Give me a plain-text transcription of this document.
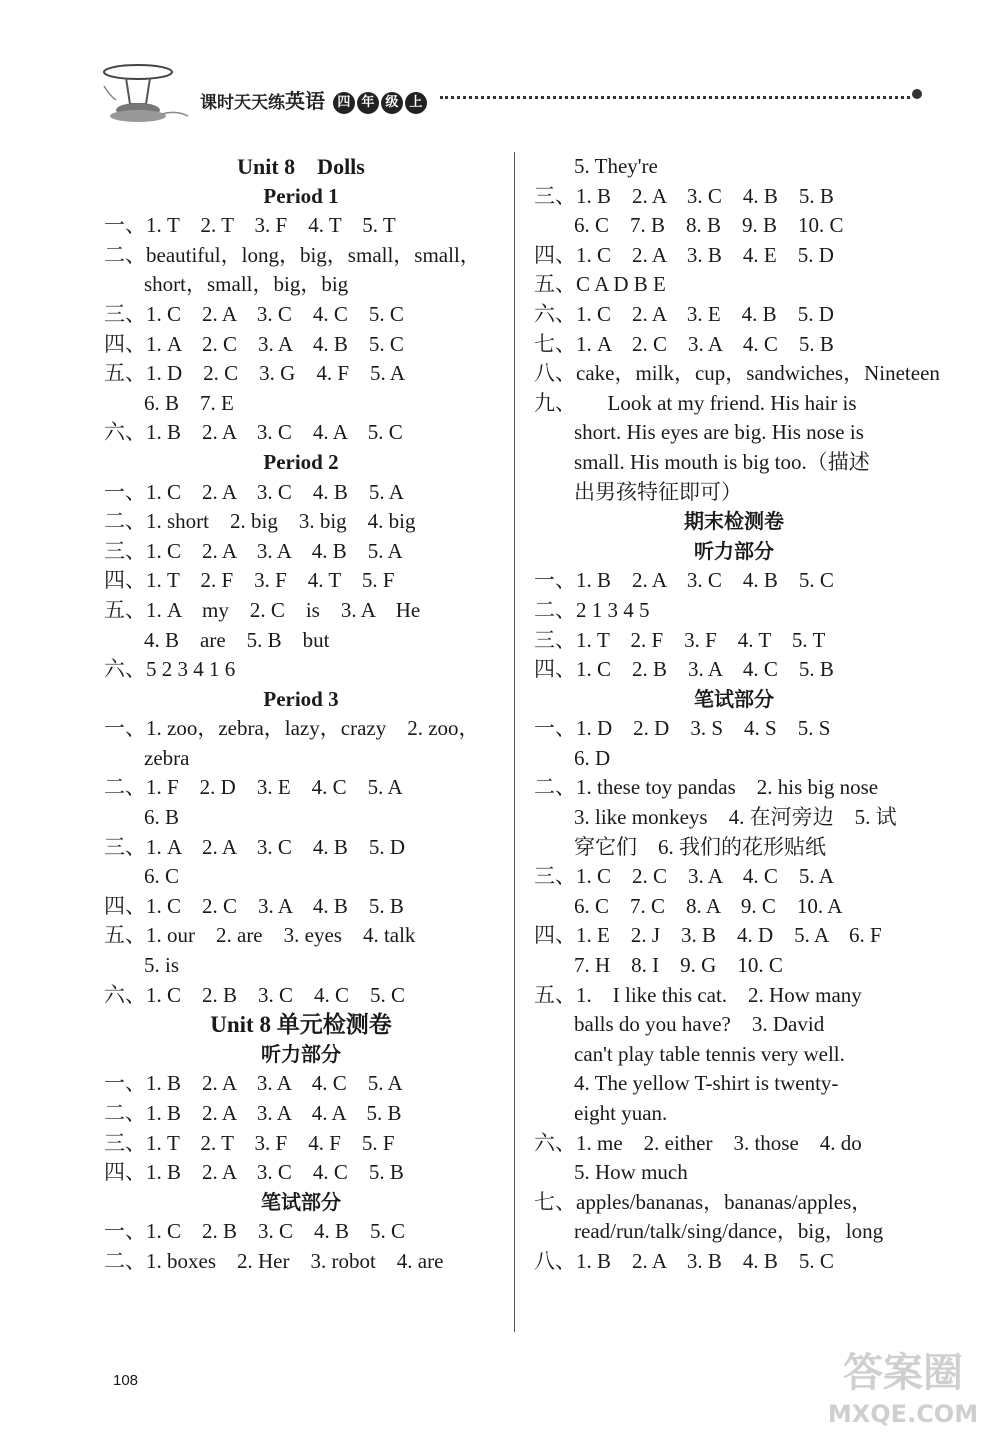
课时天天练英语 四 年 级 上
Unit 8　Dolls
Period 1
一、1. T　2. T　3. F　4. T　5. T
二、beautiful，long，big，small，small，
short，small，big，big
三、1. C　2. A　3. C　4. C　5. C
四、1. A　2. C　3. A　4. B　5. C
五、1. D　2. C　3. G　4. F　5. A
6. B　7. E
六、1. B　2. A　3. C　4. A　5. C
Period 2
一、1. C　2. A　3. C　4. B　5. A
二、1. short　2. big　3. big　4. big
三、1. C　2. A　3. A　4. B　5. A
四、1. T　2. F　3. F　4. T　5. F
五、1. A　my　2. C　is　3. A　He
4. B　are　5. B　but
六、5 2 3 4 1 6
Period 3
一、1. zoo，zebra，lazy，crazy　2. zoo，
zebra
二、1. F　2. D　3. E　4. C　5. A
6. B
三、1. A　2. A　3. C　4. B　5. D
6. C
四、1. C　2. C　3. A　4. B　5. B
五、1. our　2. are　3. eyes　4. talk
5. is
六、1. C　2. B　3. C　4. C　5. C
Unit 8 单元检测卷
听力部分
一、1. B　2. A　3. A　4. C　5. A
二、1. B　2. A　3. A　4. A　5. B
三、1. T　2. T　3. F　4. F　5. F
四、1. B　2. A　3. C　4. C　5. B
笔试部分
一、1. C　2. B　3. C　4. B　5. C
二、1. boxes　2. Her　3. robot　4. are
5. They're
三、1. B　2. A　3. C　4. B　5. B
6. C　7. B　8. B　9. B　10. C
四、1. C　2. A　3. B　4. E　5. D
五、C A D B E
六、1. C　2. A　3. E　4. B　5. D
七、1. A　2. C　3. A　4. C　5. B
八、cake，milk，cup，sandwiches，Nineteen
九、　　Look at my friend. His hair is
short. His eyes are big. His nose is
small. His mouth is big too.（描述
出男孩特征即可）
期末检测卷
听力部分
一、1. B　2. A　3. C　4. B　5. C
二、2 1 3 4 5
三、1. T　2. F　3. F　4. T　5. T
四、1. C　2. B　3. A　4. C　5. B
笔试部分
一、1. D　2. D　3. S　4. S　5. S
6. D
二、1. these toy pandas　2. his big nose
3. like monkeys　4. 在河旁边　5. 试
穿它们　6. 我们的花形贴纸
三、1. C　2. C　3. A　4. C　5. A
6. C　7. C　8. A　9. C　10. A
四、1. E　2. J　3. B　4. D　5. A　6. F
7. H　8. I　9. G　10. C
五、1.　I like this cat.　2. How many
balls do you have?　3. David
can't play table tennis very well.
4. The yellow T-shirt is twenty-
eight yuan.
六、1. me　2. either　3. those　4. do
5. How much
七、apples/bananas，bananas/apples，
read/run/talk/sing/dance，big，long
八、1. B　2. A　3. B　4. B　5. C
108	答案圈
MXQE.COM
